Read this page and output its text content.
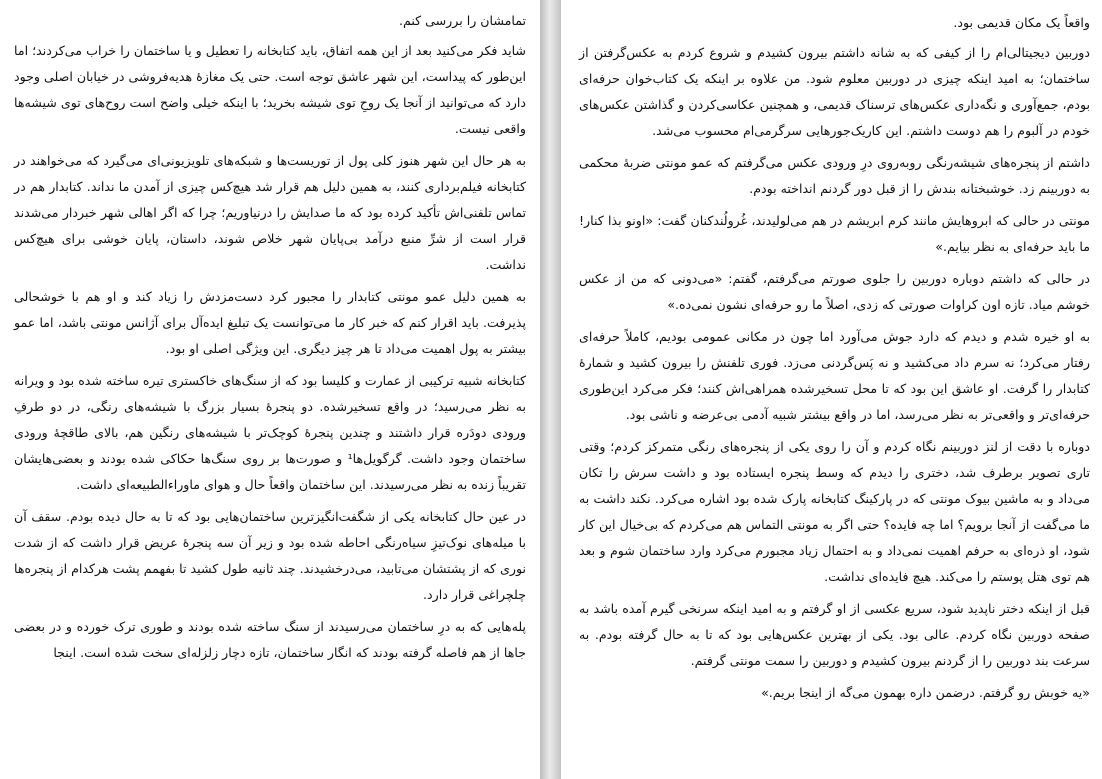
تمامشان را بررسی کنم.

شاید فکر می‌کنید بعد از این همه اتفاق، باید کتابخانه را تعطیل و یا ساختمان را خراب می‌کردند؛ اما این‌طور که پیداست، این شهر عاشق توجه است. حتی یک مغازهٔ هدیه‌فروشی در خیابان اصلی وجود دارد که می‌توانید از آنجا یک روحِ توی شیشه بخرید؛ با اینکه خیلی واضح است روح‌های توی شیشه‌ها واقعی نیست.

به هر حال این شهر هنوز کلی پول از توریست‌ها و شبکه‌های تلویزیونی‌ای می‌گیرد که می‌خواهند در کتابخانه فیلم‌برداری کنند، به همین دلیل هم قرار شد هیچ‌کس چیزی از آمدن ما نداند. کتابدار هم در تماس تلفنی‌اش تأکید کرده بود که ما صدایش را درنیاوریم؛ چرا که اگر اهالی شهر خبردار می‌شدند قرار است از شرِّ منبع درآمد بی‌پایان شهر خلاص شوند، داستان، پایان خوشی برای هیچ‌کس نداشت.

به همین دلیل عمو مونتی کتابدار را مجبور کرد دست‌مزدش را زیاد کند و او هم با خوشحالی پذیرفت. باید اقرار کنم که خبر کار ما می‌توانست یک تبلیغ ایده‌آل برای آژانس مونتی باشد، اما عمو بیشتر به پول اهمیت می‌داد تا هر چیز دیگری. این ویژگی اصلی او بود.

کتابخانه شبیه ترکیبی از عمارت و کلیسا بود که از سنگ‌های خاکستری تیره ساخته شده بود و ویرانه به نظر می‌رسید؛ در واقع تسخیرشده. دو پنجرهٔ بسیار بزرگ با شیشه‌های رنگی، در دو طرفِ ورودی دودَره قرار داشتند و چندین پنجرهٔ کوچک‌تر با شیشه‌های رنگین هم، بالای طاقچهٔ ورودی ساختمان وجود داشت. گرگویل‌ها¹ و صورت‌ها بر روی سنگ‌ها حکاکی شده بودند و بعضی‌هایشان تقریباً زنده به نظر می‌رسیدند. این ساختمان واقعاً حال و هوای ماوراءالطبیعه‌ای داشت.

در عین حال کتابخانه یکی از شگفت‌انگیزترین ساختمان‌هایی بود که تا به حال دیده بودم. سقف آن با میله‌های نوک‌تیزِ سیاه‌رنگی احاطه شده بود و زیر آن سه پنجرهٔ عریض قرار داشت که از شدت نوری که از پشتشان می‌تابید، می‌درخشیدند. چند ثانیه طول کشید تا بفهمم پشت هرکدام از پنجره‌ها چلچراغی قرار دارد.

پله‌هایی که به درِ ساختمان می‌رسیدند از سنگ ساخته شده بودند و طوری ترک خورده و در بعضی جاها از هم فاصله گرفته بودند که انگار ساختمان، تازه دچار زلزله‌ای سخت شده است. اینجا

واقعاً یک مکان قدیمی بود.

دوربین دیجیتالی‌ام را از کیفی که به شانه داشتم بیرون کشیدم و شروع کردم به عکس‌گرفتن از ساختمان؛ به امید اینکه چیزی در دوربین معلوم شود. من علاوه بر اینکه یک کتاب‌خوان حرفه‌ای بودم، جمع‌آوری و نگه‌داری عکس‌های ترسناک قدیمی، و همچنین عکاسی‌کردن و گذاشتن عکس‌های خودم در آلبوم را هم دوست داشتم. این کاریک‌جورهایی سرگرمی‌ام محسوب می‌شد.

داشتم از پنجره‌های شیشه‌رنگی روبه‌روی درِ ورودی عکس می‌گرفتم که عمو مونتی ضربهٔ محکمی به دوربینم زد. خوشبختانه بندش را از قبل دور گردنم انداخته بودم.

مونتی در حالی که ابروهایش مانند کرم ابریشم در هم می‌لولیدند، غُرولُندکنان گفت: «اونو بذا کنار! ما باید حرفه‌ای به نظر بیایم.»

در حالی که داشتم دوباره دوربین را جلوی صورتم می‌گرفتم، گفتم: «می‌دونی که من از عکس خوشم میاد. تازه اون کراوات صورتی که زدی، اصلاً ما رو حرفه‌ای نشون نمی‌ده.»

به او خیره شدم و دیدم که دارد جوش می‌آورد اما چون در مکانی عمومی بودیم، کاملاً حرفه‌ای رفتار می‌کرد؛ نه سرم داد می‌کشید و نه پَس‌گردنی می‌زد. فوری تلفنش را بیرون کشید و شمارهٔ کتابدار را گرفت. او عاشق این بود که تا محل تسخیرشده همراهی‌اش کنند؛ فکر می‌کرد این‌طوری حرفه‌ای‌تر و واقعی‌تر به نظر می‌رسد، اما در واقع بیشتر شبیه آدمی بی‌عرضه و ناشی بود.

دوباره با دقت از لنز دوربینم نگاه کردم و آن را روی یکی از پنجره‌های رنگی متمرکز کردم؛ وقتی تاری تصویر برطرف شد، دختری را دیدم که وسط پنجره ایستاده بود و داشت سرش را تکان می‌داد و به ماشین بیوک مونتی که در پارکینگ کتابخانه پارک شده بود اشاره می‌کرد. نکند داشت به ما می‌گفت از آنجا برویم؟ اما چه فایده؟ حتی اگر به مونتی التماس هم می‌کردم که بی‌خیال این کار شود، او ذره‌ای به حرفم اهمیت نمی‌داد و به احتمال زیاد مجبورم می‌کرد وارد ساختمان شوم و بعد هم توی هتل پوستم را می‌کند. هیچ فایده‌ای نداشت.

قبل از اینکه دختر ناپدید شود، سریع عکسی از او گرفتم و به امید اینکه سرنخی گیرم آمده باشد به صفحه دوربین نگاه کردم. عالی بود. یکی از بهترین عکس‌هایی بود که تا به حال گرفته بودم. به سرعت بند دوربین را از گردنم بیرون کشیدم و دوربین را سمت مونتی گرفتم.

«یه خوبش رو گرفتم. درضمن داره بهمون می‌گه از اینجا بریم.»
